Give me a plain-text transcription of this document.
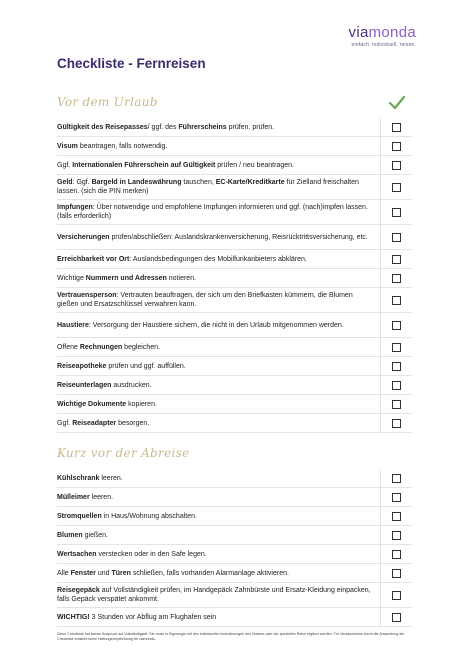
viamonda
einfach. individuell. reisen.
Checkliste - Fernreisen
Vor dem Urlaub
Gültigkeit des Reisepasses/ ggf. des Führerscheins prüfen. prüfen.
Visum beantragen, falls notwendig.
Ggf. Internationalen Führerschein auf Gültigkeit prüfen / neu beantragen.
Geld: Ggf. Bargeld in Landeswährung tauschen, EC-Karte/Kreditkarte für Zielland freischalten lassen. (sich die PIN merken)
Impfungen: Über notwendige und empfohlene Impfungen informieren und ggf. (nach)impfen lassen. (falls erforderlich)
Versicherungen prüfen/abschließen: Auslandskrankenversicherung, Reisrücktrittsversicherung, etc.
Erreichbarkeit vor Ort: Auslandsbedingungen des Mobilfunkanbieters abklären.
Wichtige Nummern und Adressen notieren.
Vertrauensperson: Vertrauten beauftragen, der sich um den Briefkasten kümmern, die Blumen gießen und Ersatzschlüssel verwahren kann.
Haustiere: Versorgung der Haustiere sichern, die nicht in den Urlaub mitgenommen werden.
Offene Rechnungen begleichen.
Reiseapotheke prüfen und ggf. auffüllen.
Reiseunterlagen ausdrucken.
Wichtige Dokumente kopieren.
Ggf. Reiseadapter besorgen.
Kurz vor der Abreise
Kühlschrank leeren.
Mülleimer leeren.
Stromquellen in Haus/Wohnung abschalten.
Blumen gießen.
Wertsachen verstecken oder in den Safe legen.
Alle Fenster und Türen schließen, falls vorhanden Alarmanlage aktivieren.
Reisegepäck auf Vollständigkeit prüfen, im Handgepäck Zahnbürste und Ersatz-Kleidung einpacken, falls Gepäck verspätet ankommt.
WICHTIG! 3 Stunden vor Abflug am Flughafen sein
Diese Checkliste hat keinen Anspruch auf Vollständigkeit. Sie muss in Eigenregie mit den individuellen Anforderungen des Nutzers oder der speziellen Reise ergänzt werden. Für Versäumnisse durch die Anwendung der Checkliste entsteht keine Haftungsverpflichtung für viamonda.
